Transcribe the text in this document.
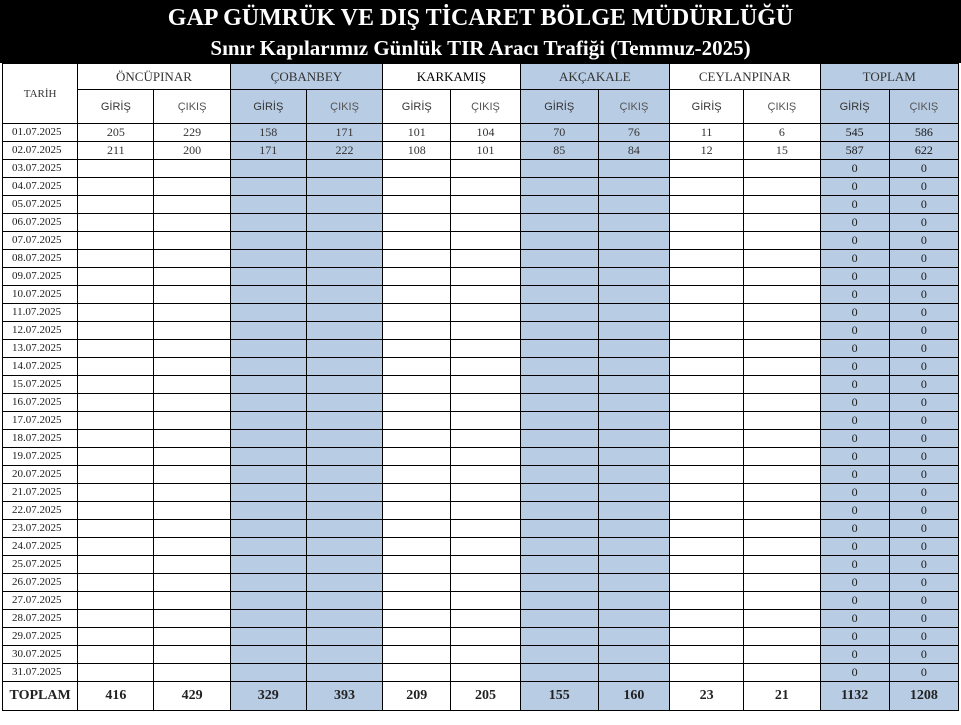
GAP GÜMRÜK VE DIŞ TİCARET BÖLGE MÜDÜRLÜĞÜ
Sınır Kapılarımız Günlük TIR Aracı Trafiği (Temmuz-2025)
TARİH	ÖNCÜPINAR		ÇOBANBEY		KARKAMIŞ		AKÇAKALE		CEYLANPINAR		TOPLAM	
	GİRİŞ	ÇIKIŞ	GİRİŞ	ÇIKIŞ	GİRİŞ	ÇIKIŞ	GİRİŞ	ÇIKIŞ	GİRİŞ	ÇIKIŞ	GİRİŞ	ÇIKIŞ
01.07.2025	205	229	158	171	101	104	70	76	11	6	545	586
02.07.2025	211	200	171	222	108	101	85	84	12	15	587	622
03.07.2025											0	0
04.07.2025											0	0
05.07.2025											0	0
06.07.2025											0	0
07.07.2025											0	0
08.07.2025											0	0
09.07.2025											0	0
10.07.2025											0	0
11.07.2025											0	0
12.07.2025											0	0
13.07.2025											0	0
14.07.2025											0	0
15.07.2025											0	0
16.07.2025											0	0
17.07.2025											0	0
18.07.2025											0	0
19.07.2025											0	0
20.07.2025											0	0
21.07.2025											0	0
22.07.2025											0	0
23.07.2025											0	0
24.07.2025											0	0
25.07.2025											0	0
26.07.2025											0	0
27.07.2025											0	0
28.07.2025											0	0
29.07.2025											0	0
30.07.2025											0	0
31.07.2025											0	0
TOPLAM	416	429	329	393	209	205	155	160	23	21	1132	1208
